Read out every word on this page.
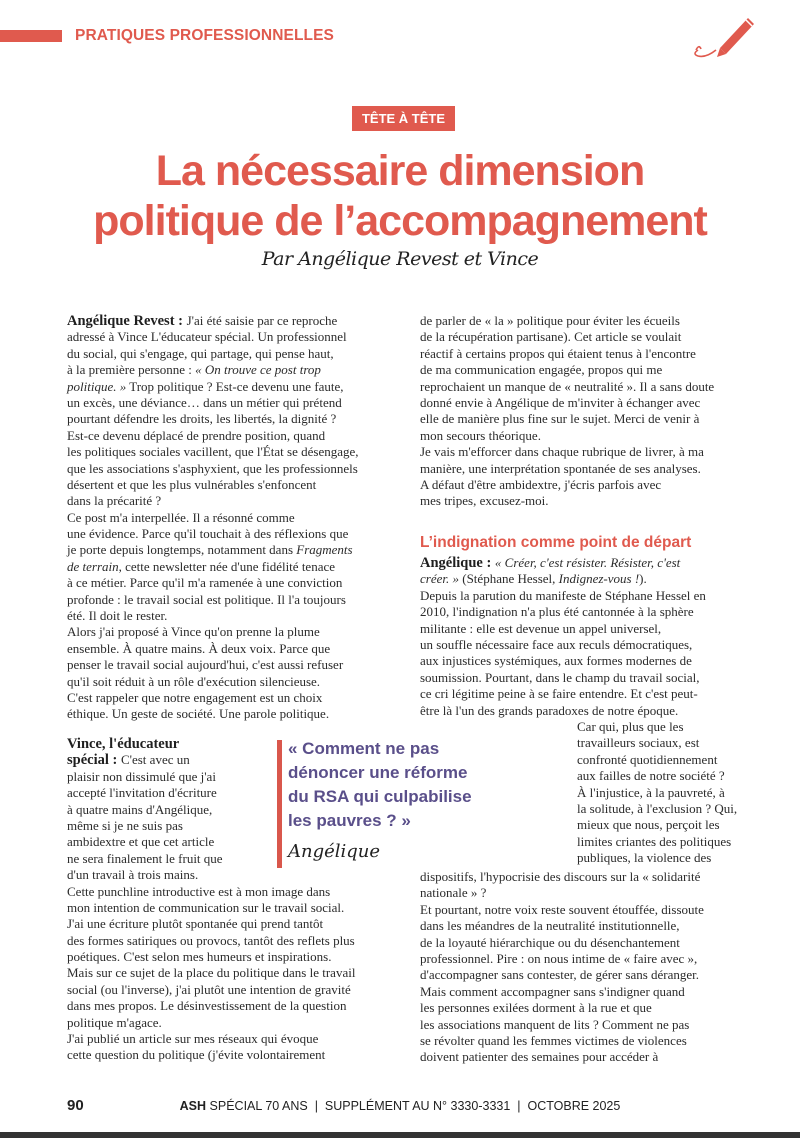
PRATIQUES PROFESSIONNELLES
TÊTE À TÊTE
La nécessaire dimension
politique de l’accompagnement
Par Angélique Revest et Vince
Angélique Revest : J'ai été saisie par ce reproche
adressé à Vince L'éducateur spécial. Un professionnel
du social, qui s'engage, qui partage, qui pense haut,
à la première personne : « On trouve ce post trop
politique. » Trop politique ? Est-ce devenu une faute,
un excès, une déviance… dans un métier qui prétend
pourtant défendre les droits, les libertés, la dignité ?
Est-ce devenu déplacé de prendre position, quand
les politiques sociales vacillent, que l'État se désengage,
que les associations s'asphyxient, que les professionnels
désertent et que les plus vulnérables s'enfoncent
dans la précarité ?
Ce post m'a interpellée. Il a résonné comme
une évidence. Parce qu'il touchait à des réflexions que
je porte depuis longtemps, notamment dans Fragments
de terrain, cette newsletter née d'une fidélité tenace
à ce métier. Parce qu'il m'a ramenée à une conviction
profonde : le travail social est politique. Il l'a toujours
été. Il doit le rester.
Alors j'ai proposé à Vince qu'on prenne la plume
ensemble. À quatre mains. À deux voix. Parce que
penser le travail social aujourd'hui, c'est aussi refuser
qu'il soit réduit à un rôle d'exécution silencieuse.
C'est rappeler que notre engagement est un choix
éthique. Un geste de société. Une parole politique.
Vince, l'éducateur
spécial : C'est avec un
plaisir non dissimulé que j'ai
accepté l'invitation d'écriture
à quatre mains d'Angélique,
même si je ne suis pas
ambidextre et que cet article
ne sera finalement le fruit que
d'un travail à trois mains.
Cette punchline introductive est à mon image dans
mon intention de communication sur le travail social.
J'ai une écriture plutôt spontanée qui prend tantôt
des formes satiriques ou provocs, tantôt des reflets plus
poétiques. C'est selon mes humeurs et inspirations.
Mais sur ce sujet de la place du politique dans le travail
social (ou l'inverse), j'ai plutôt une intention de gravité
dans mes propos. Le désinvestissement de la question
politique m'agace.
J'ai publié un article sur mes réseaux qui évoque
cette question du politique (j'évite volontairement
« Comment ne pas
dénoncer une réforme
du RSA qui culpabilise
les pauvres ? »
Angélique
de parler de « la » politique pour éviter les écueils
de la récupération partisane). Cet article se voulait
réactif à certains propos qui étaient tenus à l'encontre
de ma communication engagée, propos qui me
reprochaient un manque de « neutralité ». Il a sans doute
donné envie à Angélique de m'inviter à échanger avec
elle de manière plus fine sur le sujet. Merci de venir à
mon secours théorique.
Je vais m'efforcer dans chaque rubrique de livrer, à ma
manière, une interprétation spontanée de ses analyses.
A défaut d'être ambidextre, j'écris parfois avec
mes tripes, excusez-moi.
L’indignation comme point de départ
Angélique : « Créer, c'est résister. Résister, c'est
créer. » (Stéphane Hessel, Indignez-vous !).
Depuis la parution du manifeste de Stéphane Hessel en
2010, l'indignation n'a plus été cantonnée à la sphère
militante : elle est devenue un appel universel,
un souffle nécessaire face aux reculs démocratiques,
aux injustices systémiques, aux formes modernes de
soumission. Pourtant, dans le champ du travail social,
ce cri légitime peine à se faire entendre. Et c'est peut-
être là l'un des grands paradoxes de notre époque.
Car qui, plus que les
travailleurs sociaux, est
confronté quotidiennement
aux failles de notre société ?
À l'injustice, à la pauvreté, à
la solitude, à l'exclusion ? Qui,
mieux que nous, perçoit les
limites criantes des politiques
publiques, la violence des
dispositifs, l'hypocrisie des discours sur la « solidarité
nationale » ?
Et pourtant, notre voix reste souvent étouffée, dissoute
dans les méandres de la neutralité institutionnelle,
de la loyauté hiérarchique ou du désenchantement
professionnel. Pire : on nous intime de « faire avec »,
d'accompagner sans contester, de gérer sans déranger.
Mais comment accompagner sans s'indigner quand
les personnes exilées dorment à la rue et que
les associations manquent de lits ? Comment ne pas
se révolter quand les femmes victimes de violences
doivent patienter des semaines pour accéder à
90	ASH SPÉCIAL 70 ANS | SUPPLÉMENT AU N° 3330-3331 | OCTOBRE 2025
